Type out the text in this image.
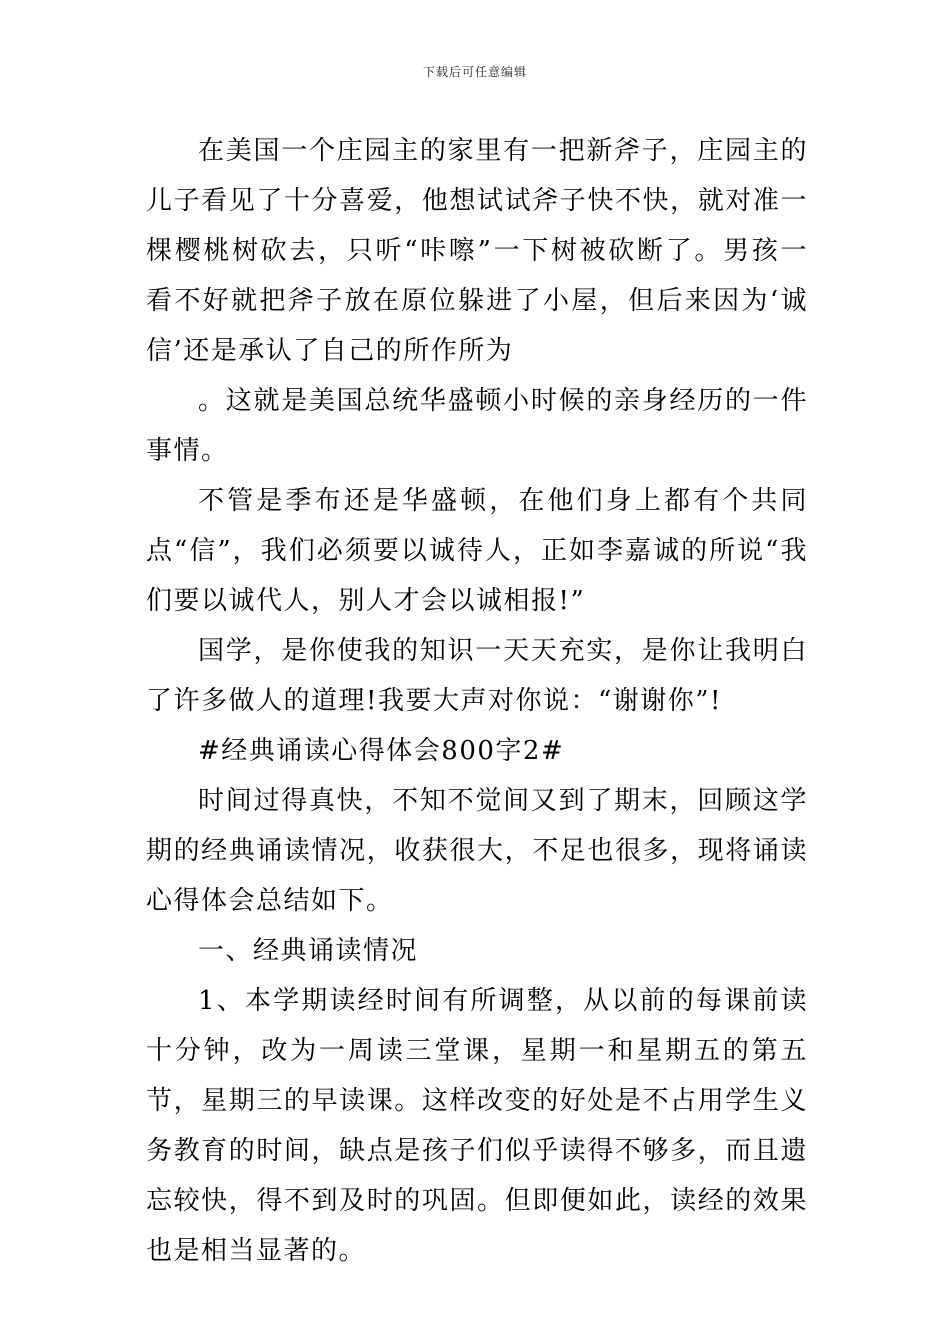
下载后可任意编辑

在美国一个庄园主的家里有一把新斧子，庄园主的儿子看见了十分喜爱，他想试试斧子快不快，就对准一棵樱桃树砍去，只听“咔嚓”一下树被砍断了。男孩一看不好就把斧子放在原位躲进了小屋，但后来因为‘诚信’还是承认了自己的所作所为

。这就是美国总统华盛顿小时候的亲身经历的一件事情。

不管是季布还是华盛顿，在他们身上都有个共同点“信”，我们必须要以诚待人，正如李嘉诚的所说“我们要以诚代人，别人才会以诚相报!”

国学，是你使我的知识一天天充实，是你让我明白了许多做人的道理!我要大声对你说：“谢谢你”!

#经典诵读心得体会800字2#

时间过得真快，不知不觉间又到了期末，回顾这学期的经典诵读情况，收获很大，不足也很多，现将诵读心得体会总结如下。

一、经典诵读情况

1、本学期读经时间有所调整，从以前的每课前读十分钟，改为一周读三堂课，星期一和星期五的第五节，星期三的早读课。这样改变的好处是不占用学生义务教育的时间，缺点是孩子们似乎读得不够多，而且遗忘较快，得不到及时的巩固。但即便如此，读经的效果也是相当显著的。
